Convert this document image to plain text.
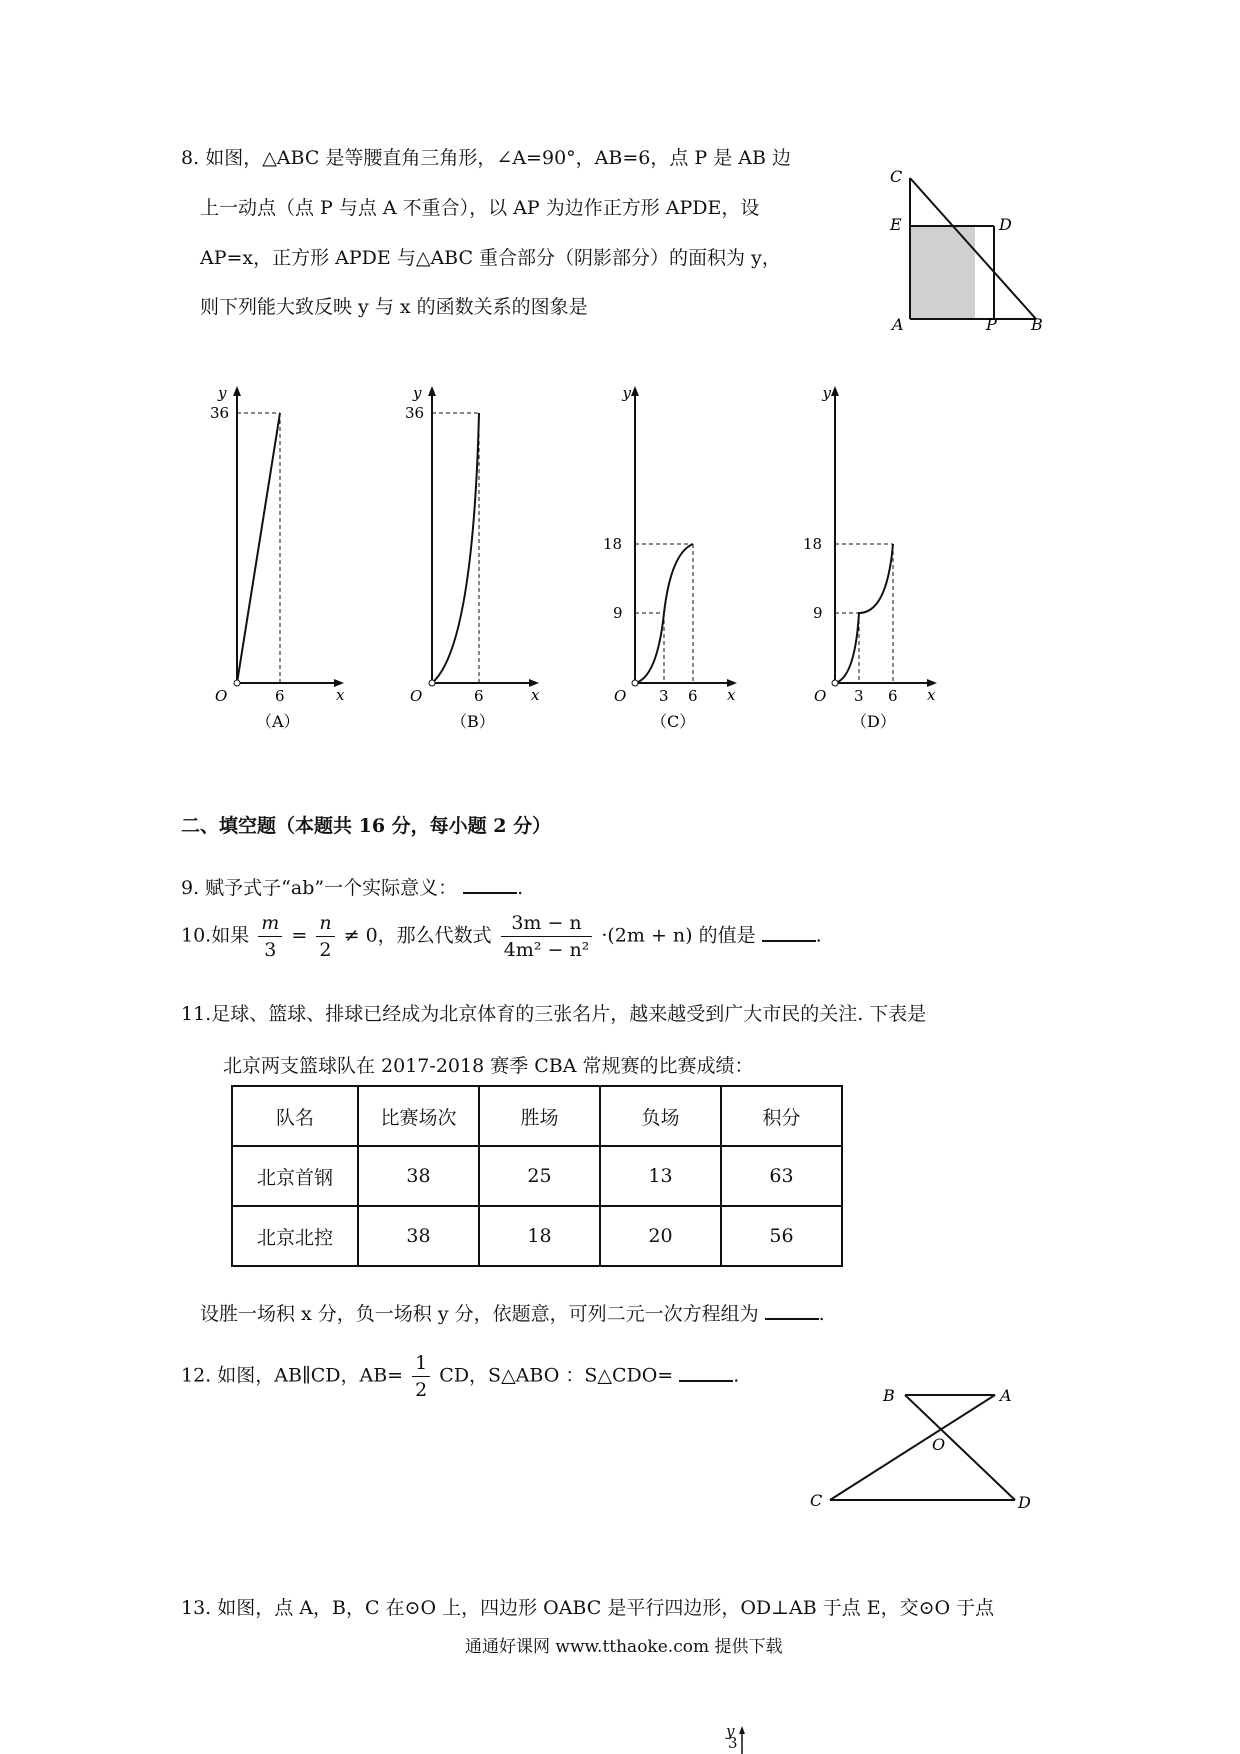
8. 如图，△ABC 是等腰直角三角形，∠A=90°，AB=6，点 P 是 AB 边
上一动点（点 P 与点 A 不重合），以 AP 为边作正方形 APDE，设
AP=x，正方形 APDE 与△ABC 重合部分（阴影部分）的面积为 y，
则下列能大致反映 y 与 x 的函数关系的图象是
C
E	D
A	P B
y
36
O	6	x
（A）
y
36
O	6	x
（B）
y
18
9
O 3 6 x
（C）
y
18
9
O 3 6 x
（D）
二、填空题（本题共 16 分，每小题 2 分）
9. 赋予式子“ab”一个实际意义：	.
10.如果 $\frac{m}{3} = \frac{n}{2} \ne 0$，那么代数式 $\frac{3m - n}{\text{4m² − n²}} \cdot(2m + n)$ 的值是	.
11.足球、篮球、排球已经成为北京体育的三张名片，越来越受到广大市民的关注. 下表是
北京两支篮球队在 2017-2018 赛季 CBA 常规赛的比赛成绩：
队名	比赛场次	胜场	负场	积分
北京首钢	38	25	13	63
北京北控	38	18	20	56
设胜一场积 x 分，负一场积 y 分，依题意，可列二元一次方程组为	.
12. 如图，AB∥CD，$AB= \frac{1}{2}$ CD，S△ABO ：S△CDO=	.
B	A
O
C	D
13. 如图，点 A，B，C 在⊙O 上，四边形 OABC 是平行四边形，OD⊥AB 于点 E，交⊙O 于点
通通好课网 www.tthaoke.com 提供下载
y
3
